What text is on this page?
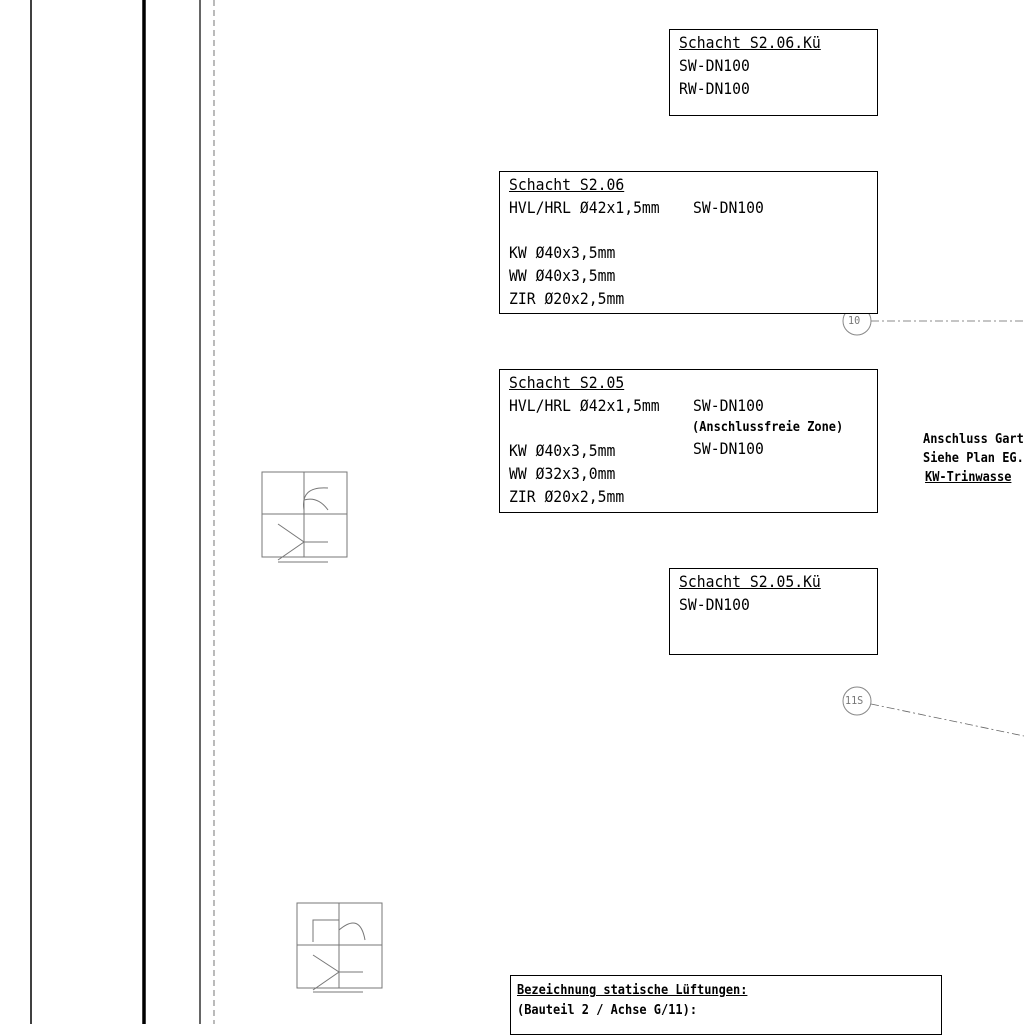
10
11S
Schacht S2.06.Kü
SW-DN100
RW-DN100
Schacht S2.06
HVL/HRL Ø42x1,5mm SW-DN100
KW Ø40x3,5mm
WW Ø40x3,5mm
ZIR Ø20x2,5mm
Schacht S2.05
HVL/HRL Ø42x1,5mm SW-DN100
(Anschlussfreie Zone)
KW Ø40x3,5mm	SW-DN100
WW Ø32x3,0mm
ZIR Ø20x2,5mm
Schacht S2.05.Kü
SW-DN100
Anschluss Gart
Siehe Plan EG.
KW-Trinwasse
Bezeichnung statische Lüftungen:
(Bauteil 2 / Achse G/11):
